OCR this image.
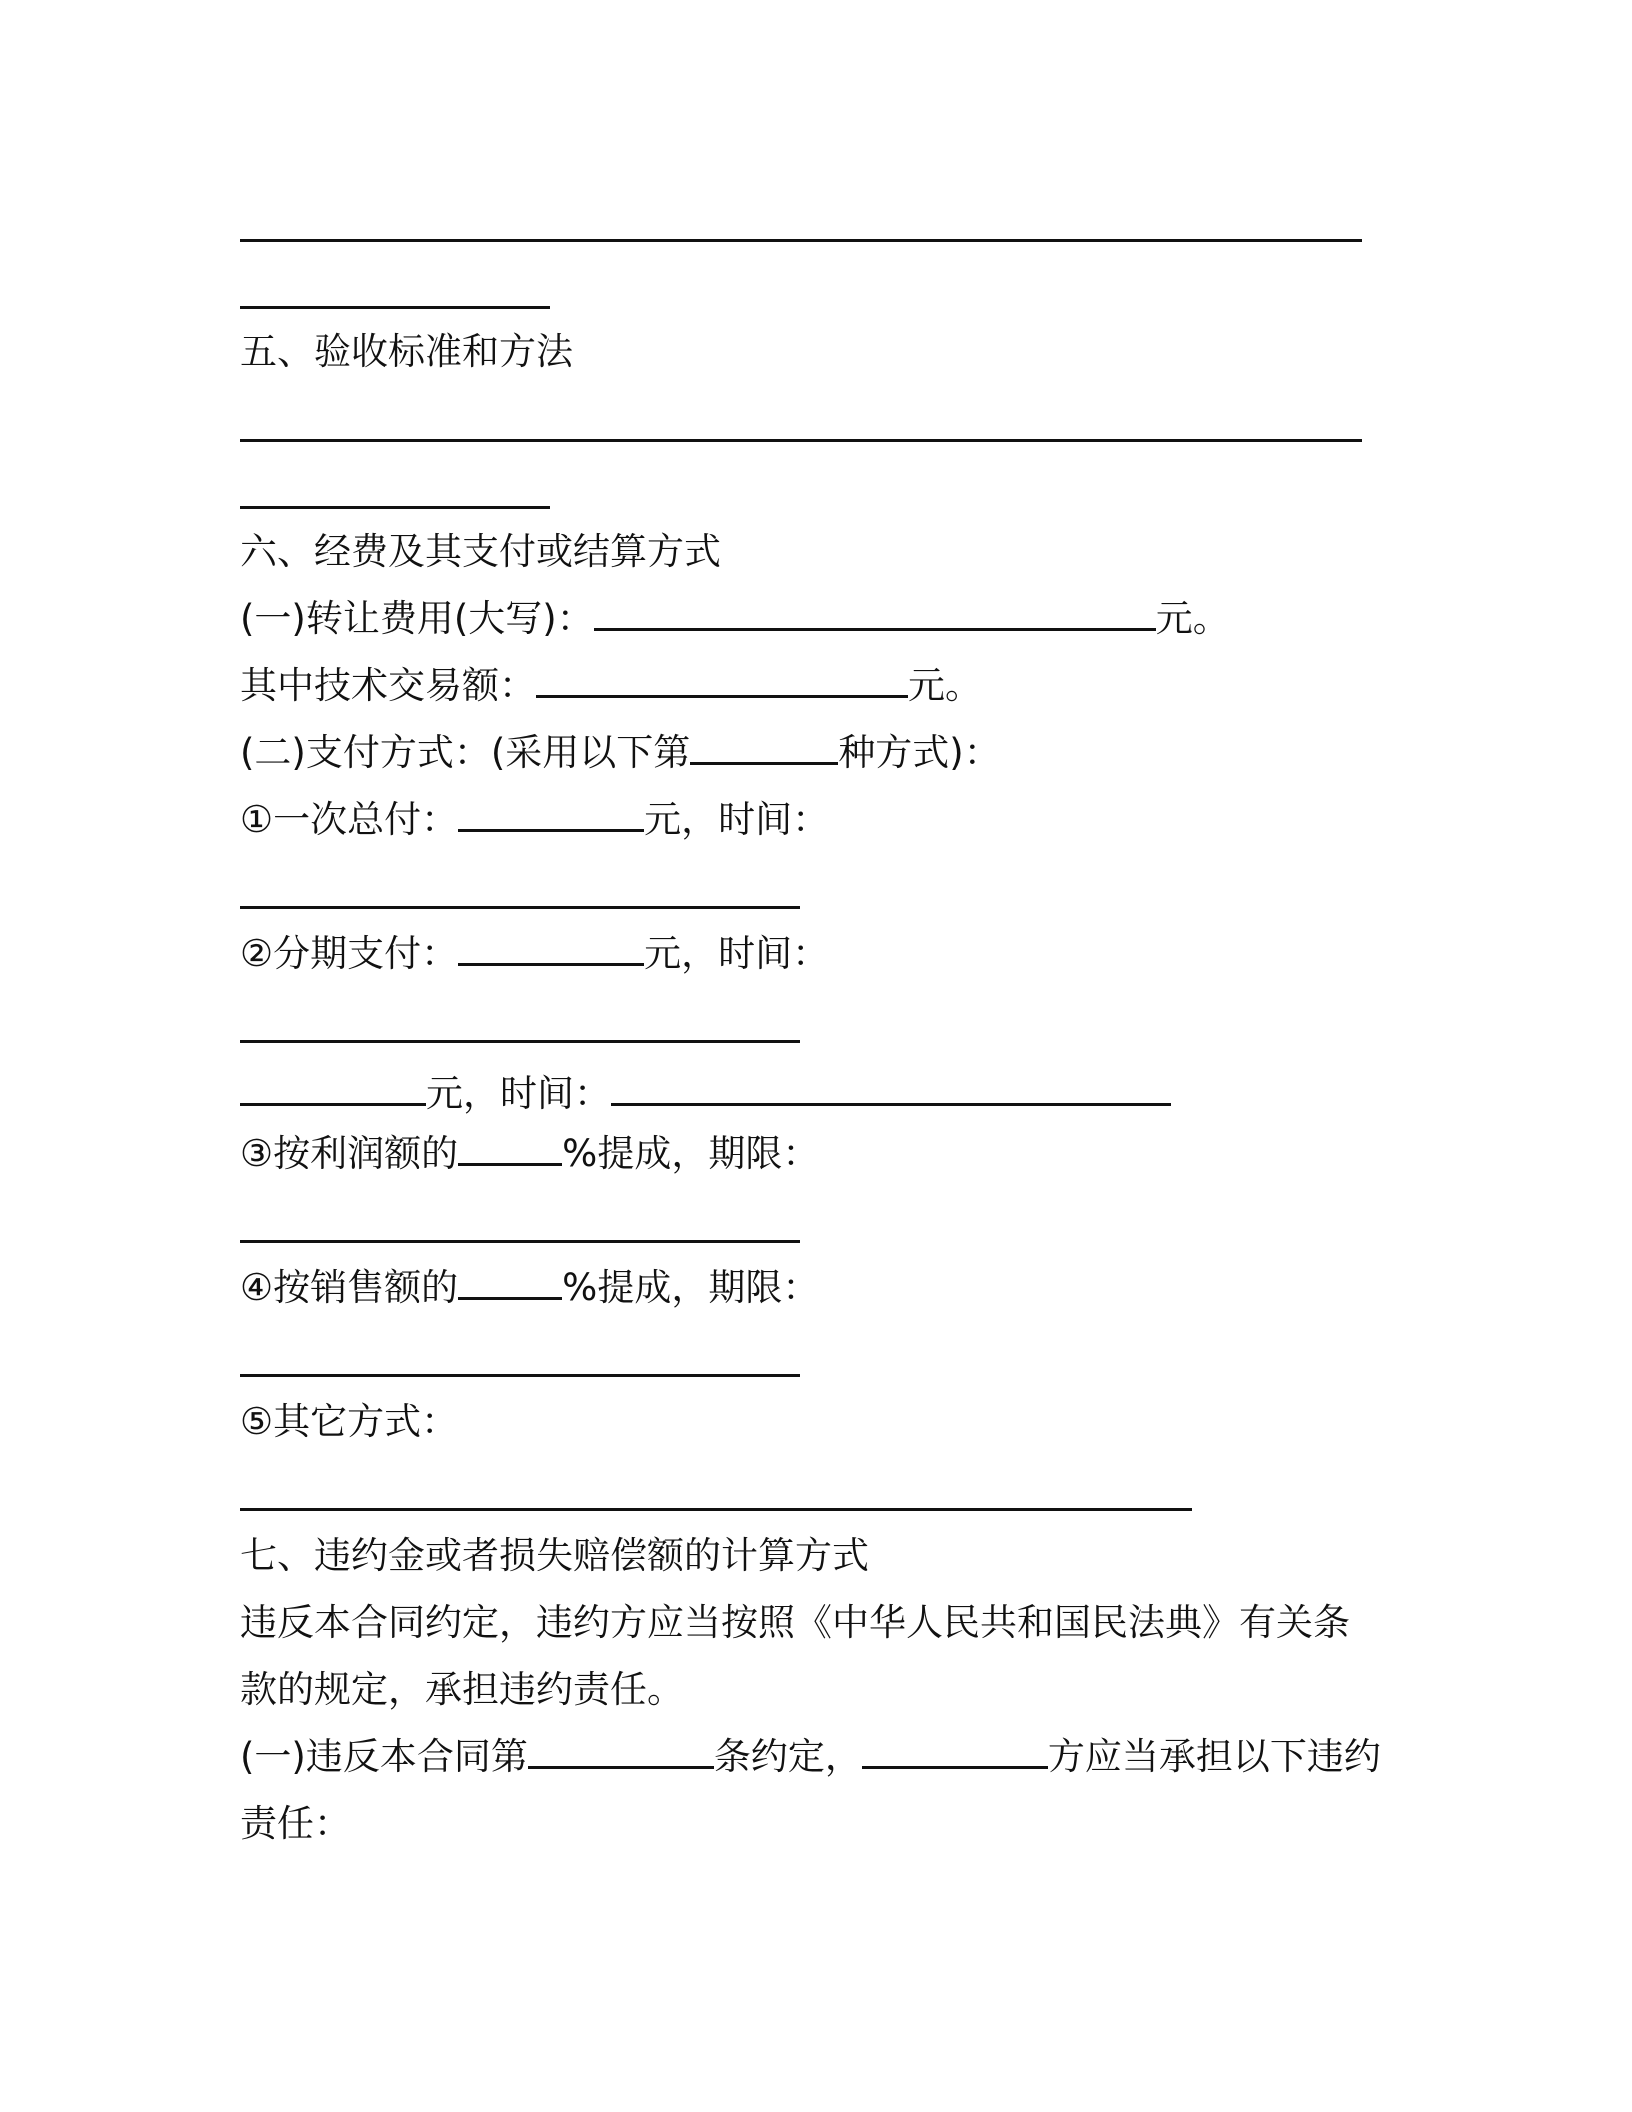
五、验收标准和方法
六、经费及其支付或结算方式
(一)转让费用(大写)：	元。
其中技术交易额：	元。
(二)支付方式：(采用以下第	种方式)：
①一次总付：	元，时间：
②分期支付：	元，时间：
元，时间：
③按利润额的	%提成，期限：
④按销售额的	%提成，期限：
⑤其它方式：
七、违约金或者损失赔偿额的计算方式
违反本合同约定，违约方应当按照《中华人民共和国民法典》有关条
款的规定，承担违约责任。
(一)违反本合同第	条约定，	方应当承担以下违约
责任：
